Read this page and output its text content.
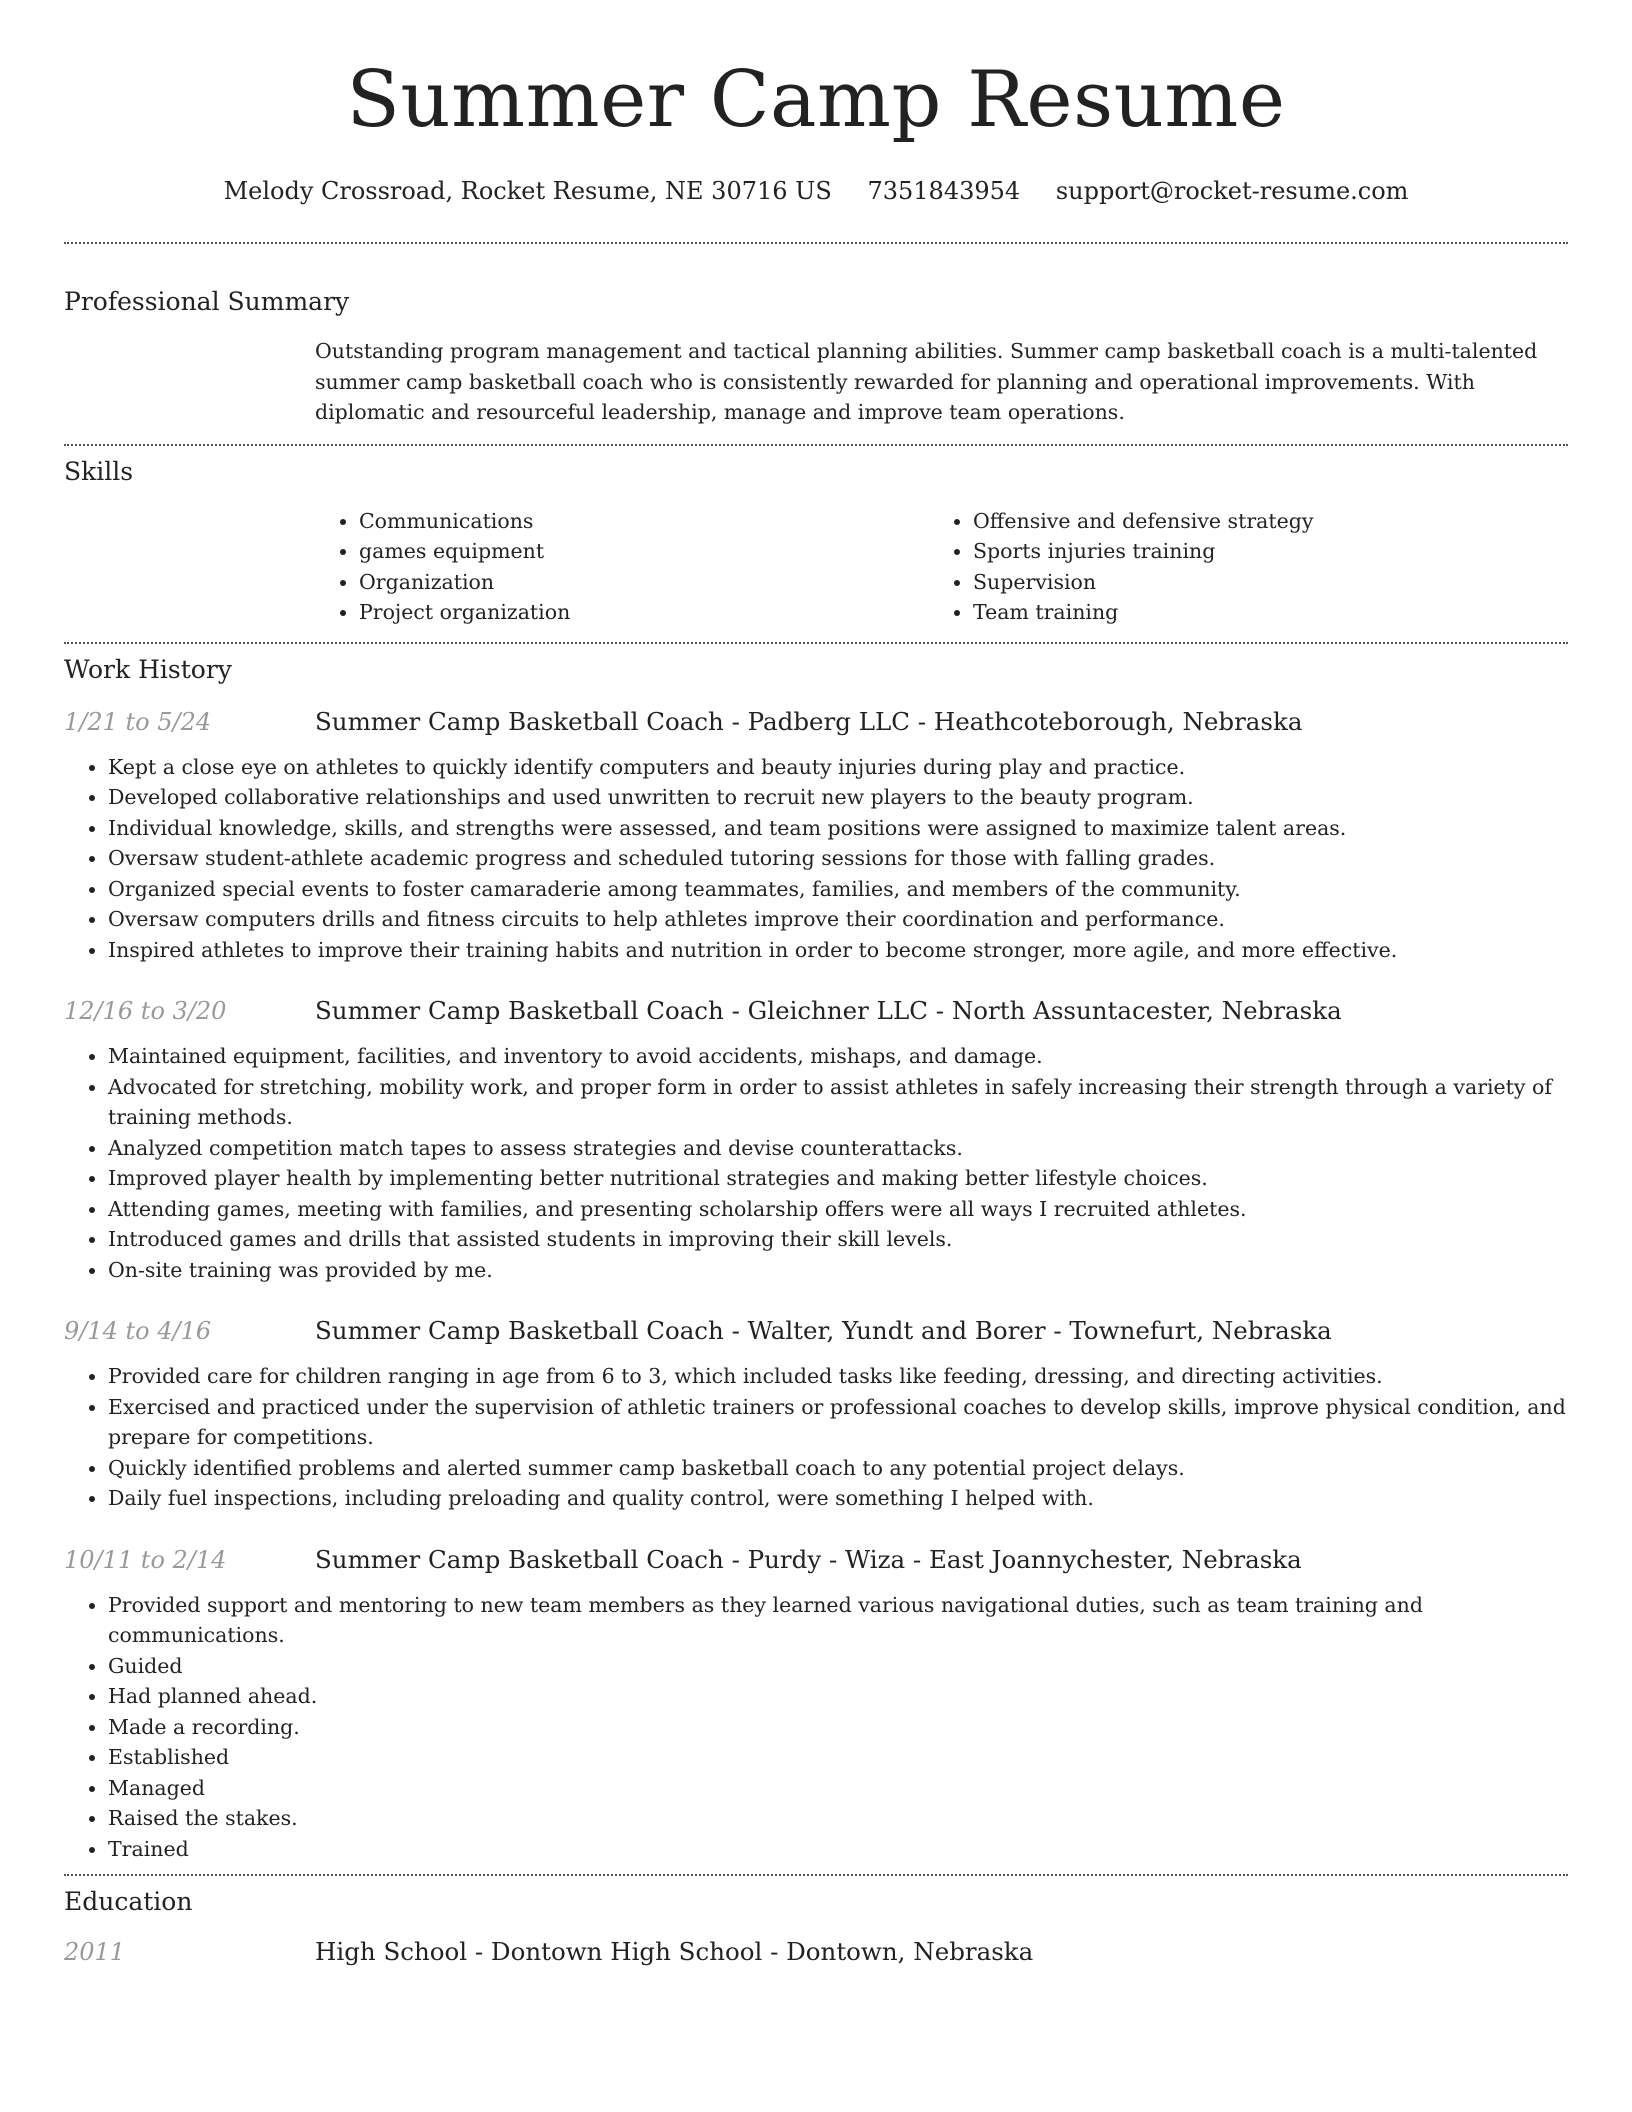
Summer Camp Resume
Melody Crossroad, Rocket Resume, NE 30716 US 7351843954 support@rocket-resume.com
Professional Summary
Outstanding program management and tactical planning abilities. Summer camp basketball coach is a multi-talented summer camp basketball coach who is consistently rewarded for planning and operational improvements. With diplomatic and resourceful leadership, manage and improve team operations.
Skills
• Communications
• games equipment
• Organization
• Project organization
• Offensive and defensive strategy
• Sports injuries training
• Supervision
• Team training
Work History
1/21 to 5/24	Summer Camp Basketball Coach - Padberg LLC - Heathcoteborough, Nebraska
• Kept a close eye on athletes to quickly identify computers and beauty injuries during play and practice.
• Developed collaborative relationships and used unwritten to recruit new players to the beauty program.
• Individual knowledge, skills, and strengths were assessed, and team positions were assigned to maximize talent areas.
• Oversaw student-athlete academic progress and scheduled tutoring sessions for those with falling grades.
• Organized special events to foster camaraderie among teammates, families, and members of the community.
• Oversaw computers drills and fitness circuits to help athletes improve their coordination and performance.
• Inspired athletes to improve their training habits and nutrition in order to become stronger, more agile, and more effective.
12/16 to 3/20	Summer Camp Basketball Coach - Gleichner LLC - North Assuntacester, Nebraska
• Maintained equipment, facilities, and inventory to avoid accidents, mishaps, and damage.
• Advocated for stretching, mobility work, and proper form in order to assist athletes in safely increasing their strength through a variety of training methods.
• Analyzed competition match tapes to assess strategies and devise counterattacks.
• Improved player health by implementing better nutritional strategies and making better lifestyle choices.
• Attending games, meeting with families, and presenting scholarship offers were all ways I recruited athletes.
• Introduced games and drills that assisted students in improving their skill levels.
• On-site training was provided by me.
9/14 to 4/16	Summer Camp Basketball Coach - Walter, Yundt and Borer - Townefurt, Nebraska
• Provided care for children ranging in age from 6 to 3, which included tasks like feeding, dressing, and directing activities.
• Exercised and practiced under the supervision of athletic trainers or professional coaches to develop skills, improve physical condition, and prepare for competitions.
• Quickly identified problems and alerted summer camp basketball coach to any potential project delays.
• Daily fuel inspections, including preloading and quality control, were something I helped with.
10/11 to 2/14	Summer Camp Basketball Coach - Purdy - Wiza - East Joannychester, Nebraska
• Provided support and mentoring to new team members as they learned various navigational duties, such as team training and communications.
• Guided
• Had planned ahead.
• Made a recording.
• Established
• Managed
• Raised the stakes.
• Trained
Education
2011	High School - Dontown High School - Dontown, Nebraska
